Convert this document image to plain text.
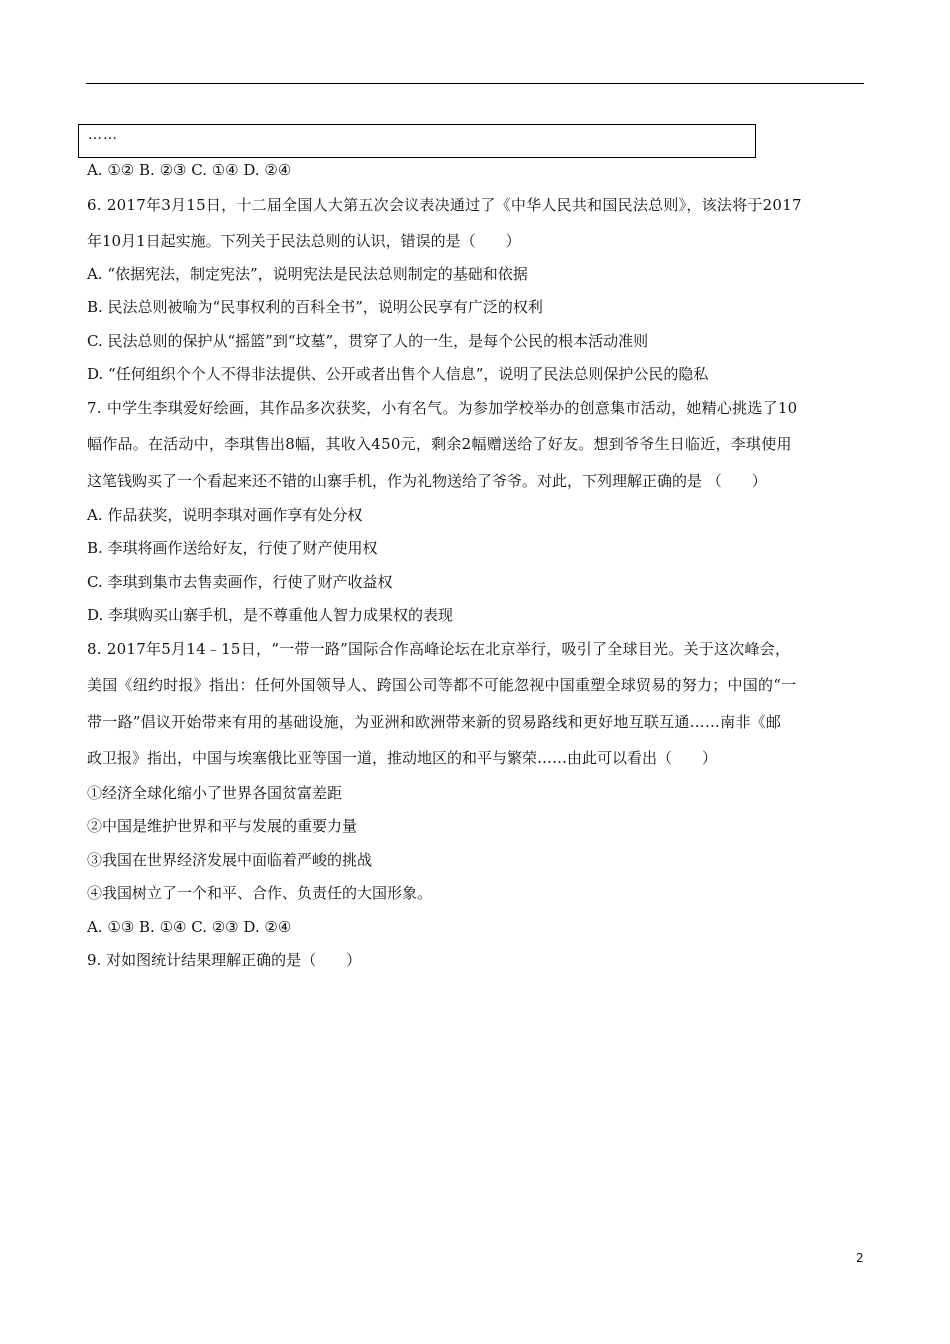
……
A. ①② B. ②③ C. ①④ D. ②④
6. 2017年3月15日，十二届全国人大第五次会议表决通过了《中华人民共和国民法总则》，该法将于2017
年10月1日起实施。下列关于民法总则的认识，错误的是（　　）
A. “依据宪法，制定宪法”，说明宪法是民法总则制定的基础和依据
B. 民法总则被喻为“民事权利的百科全书”，说明公民享有广泛的权利
C. 民法总则的保护从“摇篮”到“坟墓”，贯穿了人的一生，是每个公民的根本活动准则
D. “任何组织个个人不得非法提供、公开或者出售个人信息”，说明了民法总则保护公民的隐私
7. 中学生李琪爱好绘画，其作品多次获奖，小有名气。为参加学校举办的创意集市活动，她精心挑选了10
幅作品。在活动中，李琪售出8幅，其收入450元，剩余2幅赠送给了好友。想到爷爷生日临近，李琪使用
这笔钱购买了一个看起来还不错的山寨手机，作为礼物送给了爷爷。对此，下列理解正确的是 （　　）
A. 作品获奖，说明李琪对画作享有处分权
B. 李琪将画作送给好友，行使了财产使用权
C. 李琪到集市去售卖画作，行使了财产收益权
D. 李琪购买山寨手机，是不尊重他人智力成果权的表现
8. 2017年5月14﹣15日，“一带一路”国际合作高峰论坛在北京举行，吸引了全球目光。关于这次峰会，
美国《纽约时报》指出：任何外国领导人、跨国公司等都不可能忽视中国重塑全球贸易的努力；中国的“一
带一路”倡议开始带来有用的基础设施，为亚洲和欧洲带来新的贸易路线和更好地互联互通……南非《邮
政卫报》指出，中国与埃塞俄比亚等国一道，推动地区的和平与繁荣……由此可以看出（　　）
①经济全球化缩小了世界各国贫富差距
②中国是维护世界和平与发展的重要力量
③我国在世界经济发展中面临着严峻的挑战
④我国树立了一个和平、合作、负责任的大国形象。
A. ①③ B. ①④ C. ②③ D. ②④
9. 对如图统计结果理解正确的是（　　）
2
